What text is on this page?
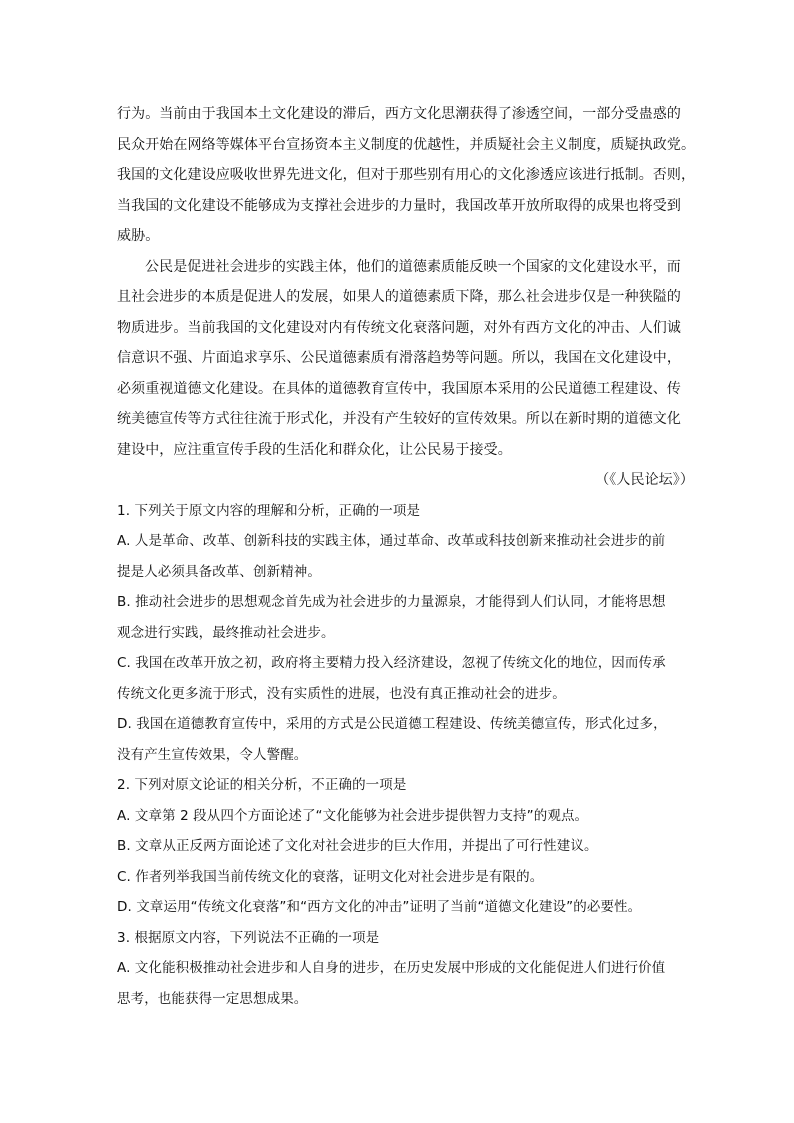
行为。当前由于我国本土文化建设的滞后，西方文化思潮获得了渗透空间，一部分受蛊惑的
民众开始在网络等媒体平台宣扬资本主义制度的优越性，并质疑社会主义制度，质疑执政党。
我国的文化建设应吸收世界先进文化，但对于那些别有用心的文化渗透应该进行抵制。否则，
当我国的文化建设不能够成为支撑社会进步的力量时，我国改革开放所取得的成果也将受到
威胁。
公民是促进社会进步的实践主体，他们的道德素质能反映一个国家的文化建设水平，而
且社会进步的本质是促进人的发展，如果人的道德素质下降，那么社会进步仅是一种狭隘的
物质进步。当前我国的文化建设对内有传统文化衰落问题，对外有西方文化的冲击、人们诚
信意识不强、片面追求享乐、公民道德素质有滑落趋势等问题。所以，我国在文化建设中，
必须重视道德文化建设。在具体的道德教育宣传中，我国原本采用的公民道德工程建设、传
统美德宣传等方式往往流于形式化，并没有产生较好的宣传效果。所以在新时期的道德文化
建设中，应注重宣传手段的生活化和群众化，让公民易于接受。
（《人民论坛》）
1. 下列关于原文内容的理解和分析，正确的一项是
A. 人是革命、改革、创新科技的实践主体，通过革命、改革或科技创新来推动社会进步的前
提是人必须具备改革、创新精神。
B. 推动社会进步的思想观念首先成为社会进步的力量源泉，才能得到人们认同，才能将思想
观念进行实践，最终推动社会进步。
C. 我国在改革开放之初，政府将主要精力投入经济建设，忽视了传统文化的地位，因而传承
传统文化更多流于形式，没有实质性的进展，也没有真正推动社会的进步。
D. 我国在道德教育宣传中，采用的方式是公民道德工程建设、传统美德宣传，形式化过多，
没有产生宣传效果，令人警醒。
2. 下列对原文论证的相关分析，不正确的一项是
A. 文章第 2 段从四个方面论述了“文化能够为社会进步提供智力支持”的观点。
B. 文章从正反两方面论述了文化对社会进步的巨大作用，并提出了可行性建议。
C. 作者列举我国当前传统文化的衰落，证明文化对社会进步是有限的。
D. 文章运用“传统文化衰落”和“西方文化的冲击”证明了当前“道德文化建设”的必要性。
3. 根据原文内容，下列说法不正确的一项是
A. 文化能积极推动社会进步和人自身的进步，在历史发展中形成的文化能促进人们进行价值
思考，也能获得一定思想成果。
